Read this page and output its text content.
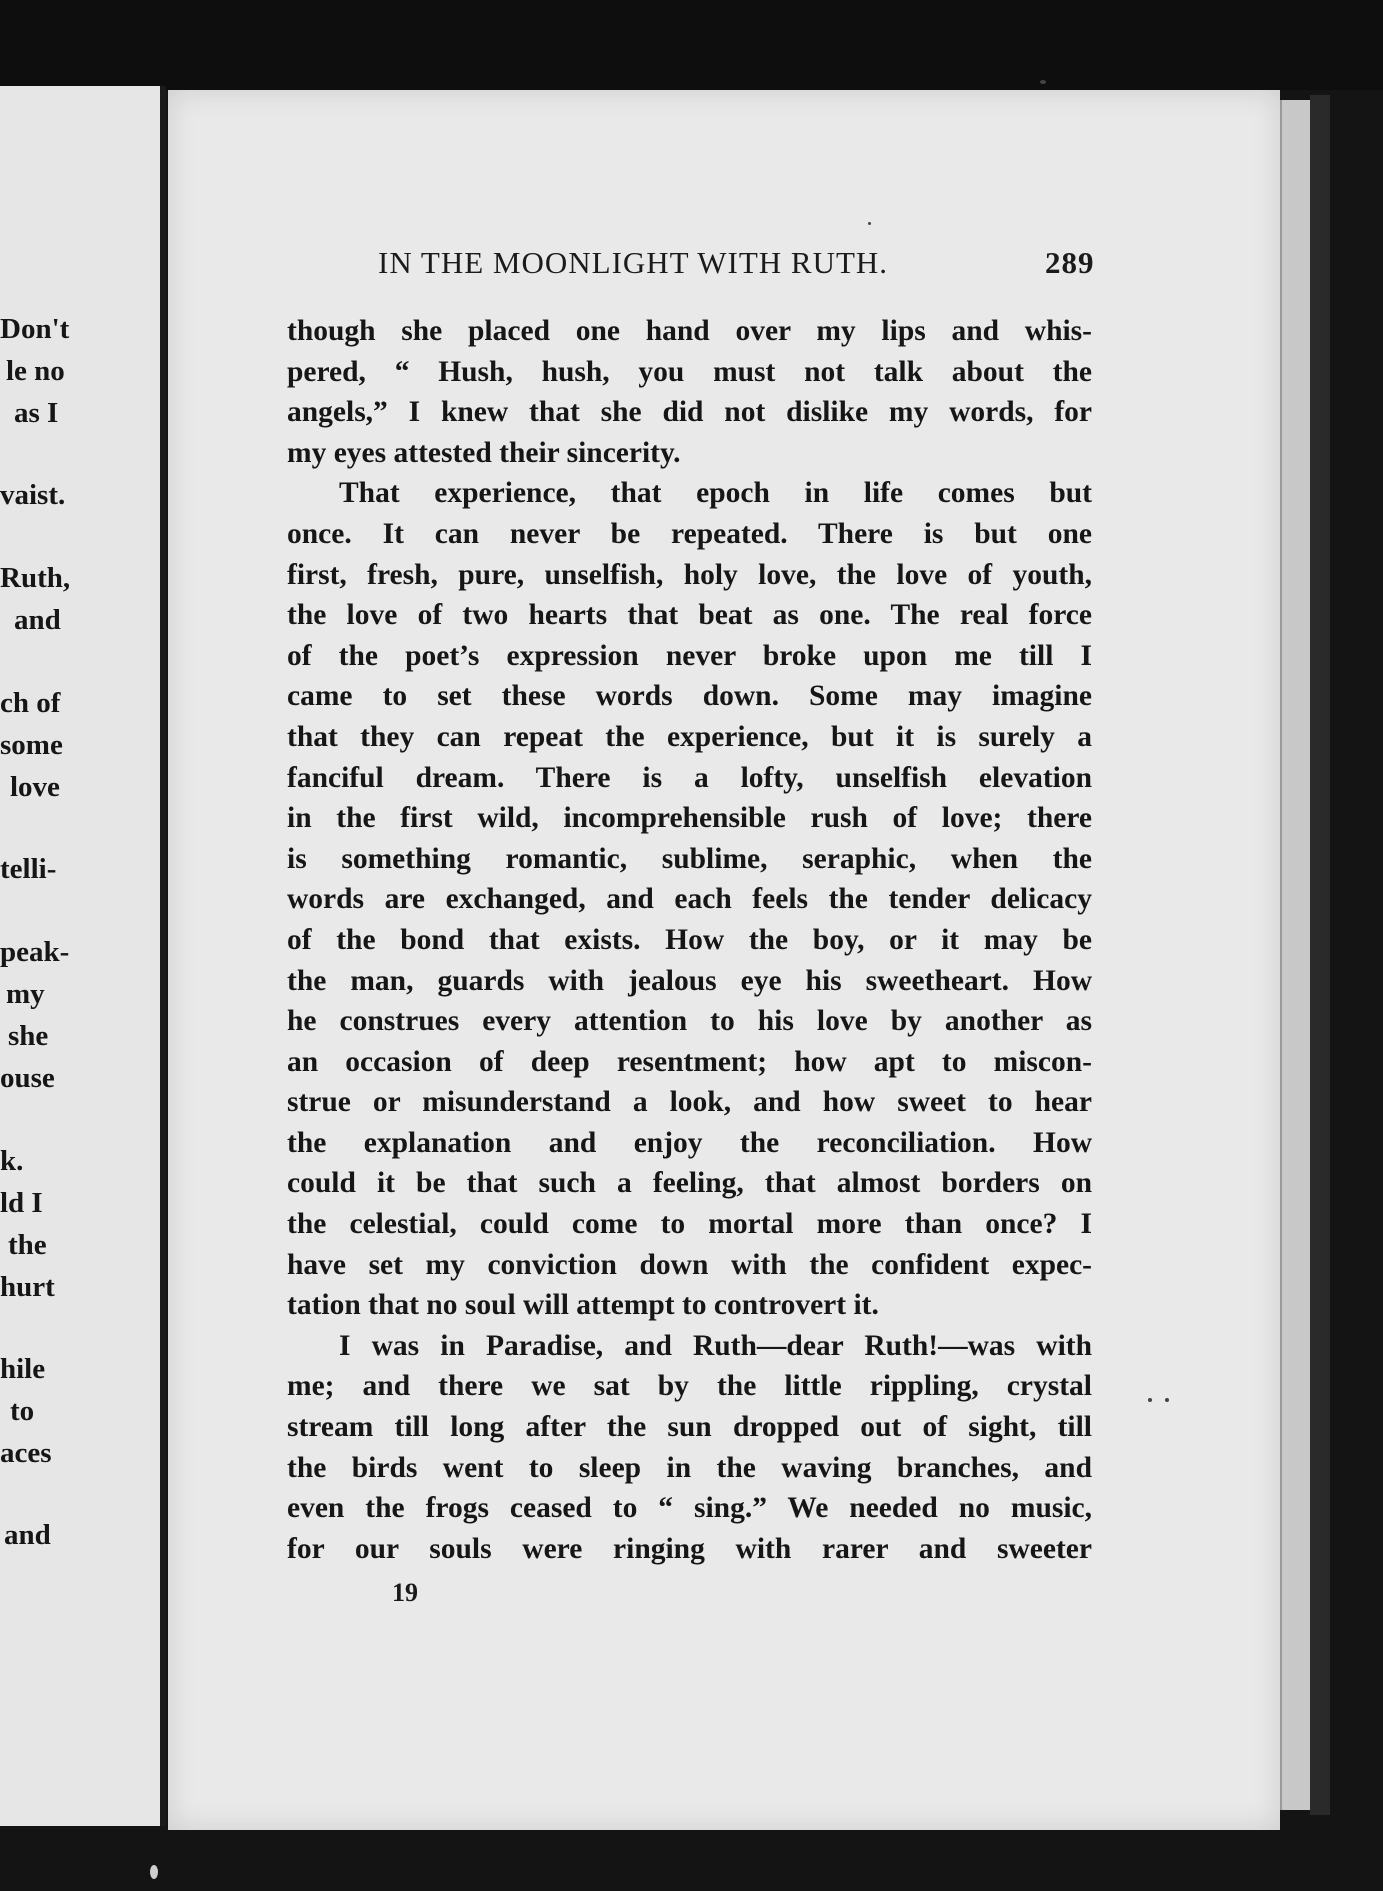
IN THE MOONLIGHT WITH RUTH.	289
though she placed one hand over my lips and whis-
pered, “ Hush, hush, you must not talk about the
angels,” I knew that she did not dislike my words, for
my eyes attested their sincerity.
That experience, that epoch in life comes but
once. It can never be repeated. There is but one
first, fresh, pure, unselfish, holy love, the love of youth,
the love of two hearts that beat as one. The real force
of the poet’s expression never broke upon me till I
came to set these words down. Some may imagine
that they can repeat the experience, but it is surely a
fanciful dream. There is a lofty, unselfish elevation
in the first wild, incomprehensible rush of love; there
is something romantic, sublime, seraphic, when the
words are exchanged, and each feels the tender delicacy
of the bond that exists. How the boy, or it may be
the man, guards with jealous eye his sweetheart. How
he construes every attention to his love by another as
an occasion of deep resentment; how apt to miscon-
strue or misunderstand a look, and how sweet to hear
the explanation and enjoy the reconciliation. How
could it be that such a feeling, that almost borders on
the celestial, could come to mortal more than once? I
have set my conviction down with the confident expec-
tation that no soul will attempt to controvert it.
I was in Paradise, and Ruth—dear Ruth!—was with
me; and there we sat by the little rippling, crystal
stream till long after the sun dropped out of sight, till
the birds went to sleep in the waving branches, and
even the frogs ceased to “ sing.” We needed no music,
for our souls were ringing with rarer and sweeter
19
Don't
le no
as I
vaist.
Ruth,
and
ch of
some
love
telli-
peak-
my
she
ouse
k.
ld I
the
hurt
hile
to
aces
and
